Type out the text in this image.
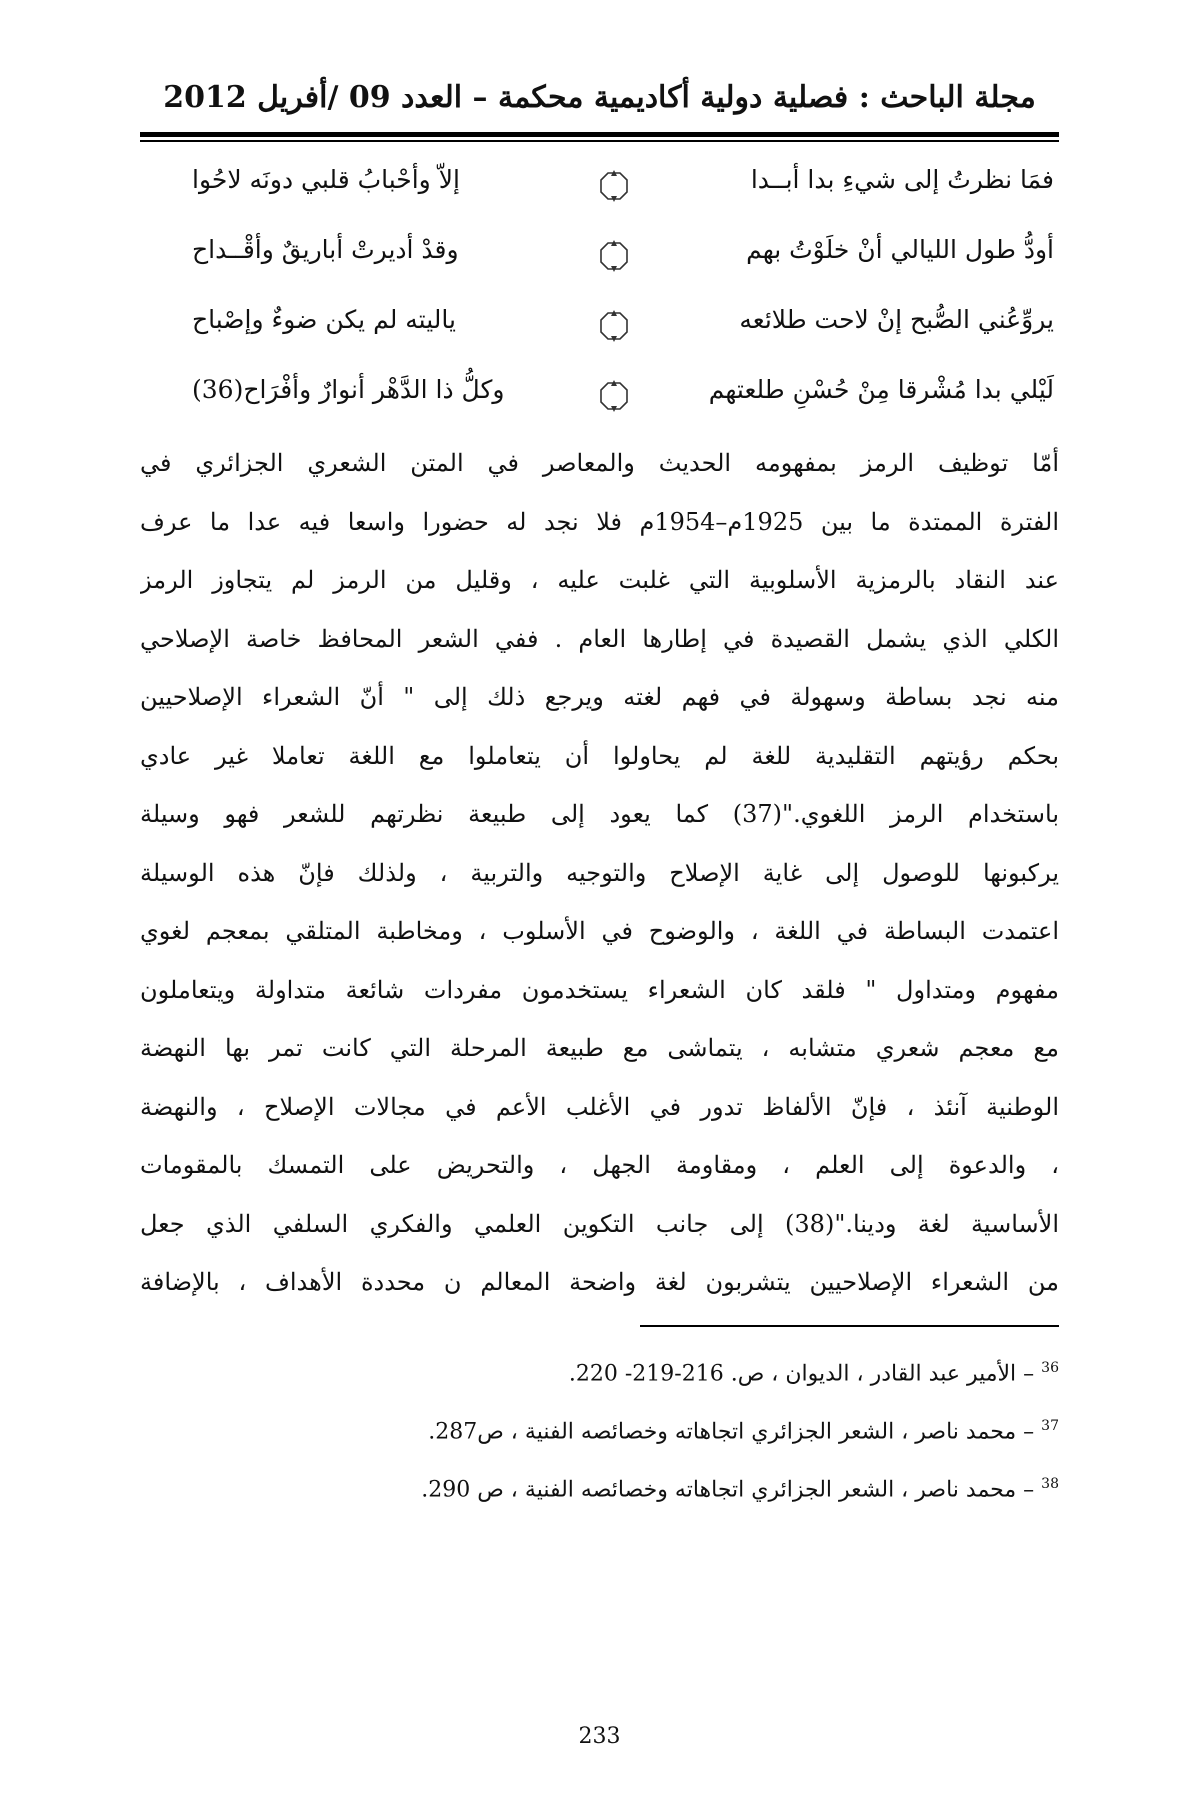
مجلة الباحث : فصلية دولية أكاديمية محكمة – العدد 09 /أفريل 2012
فمَا نظرتُ إلى شيءِ بدا أبــدا
إلاّ وأحْبابُ قلبي دونَه لاحُوا
أودُّ طول الليالي أنْ خلَوْتُ بهم
وقدْ أديرتْ أباريقٌ وأقْــداح
يروِّعُني الصُّبح إنْ لاحت طلائعه
ياليته لم يكن ضوءٌ وإصْباح
لَيْلي بدا مُشْرقا مِنْ حُسْنِ طلعتهم
وكلُّ ذا الدَّهْر أنوارٌ وأفْرَاح(36)
أمّا توظيف الرمز بمفهومه الحديث والمعاصر في المتن الشعري الجزائري في
الفترة الممتدة ما بين 1925م–1954م فلا نجد له حضورا واسعا فيه عدا ما عرف
عند النقاد بالرمزية الأسلوبية التي غلبت عليه ، وقليل من الرمز لم يتجاوز الرمز
الكلي الذي يشمل القصيدة في إطارها العام . ففي الشعر المحافظ خاصة الإصلاحي
منه نجد بساطة وسهولة في فهم لغته ويرجع ذلك إلى " أنّ الشعراء الإصلاحيين
بحكم رؤيتهم التقليدية للغة لم يحاولوا أن يتعاملوا مع اللغة تعاملا غير عادي
باستخدام الرمز اللغوي."(37) كما يعود إلى طبيعة نظرتهم للشعر فهو وسيلة
يركبونها للوصول إلى غاية الإصلاح والتوجيه والتربية ، ولذلك فإنّ هذه الوسيلة
اعتمدت البساطة في اللغة ، والوضوح في الأسلوب ، ومخاطبة المتلقي بمعجم لغوي
مفهوم ومتداول " فلقد كان الشعراء يستخدمون مفردات شائعة متداولة ويتعاملون
مع معجم شعري متشابه ، يتماشى مع طبيعة المرحلة التي كانت تمر بها النهضة
الوطنية آنئذ ، فإنّ الألفاظ تدور في الأغلب الأعم في مجالات الإصلاح ، والنهضة
، والدعوة إلى العلم ، ومقاومة الجهل ، والتحريض على التمسك بالمقومات
الأساسية لغة ودينا."(38) إلى جانب التكوين العلمي والفكري السلفي الذي جعل
من الشعراء الإصلاحيين يتشربون لغة واضحة المعالم ن محددة الأهداف ، بالإضافة
$^{36}$ – الأمير عبد القادر ، الديوان ، ص. 216-219- 220.
$^{37}$ – محمد ناصر ، الشعر الجزائري اتجاهاته وخصائصه الفنية ، ص287.
$^{38}$ – محمد ناصر ، الشعر الجزائري اتجاهاته وخصائصه الفنية ، ص 290.
233
